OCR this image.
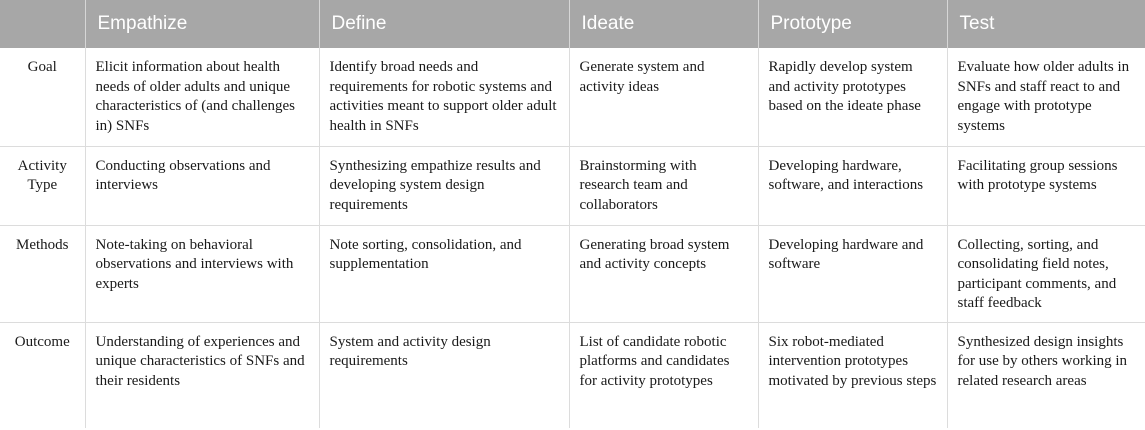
	Empathize	Define	Ideate	Prototype	Test
Goal	Elicit information about health needs of older adults and unique characteristics of (and challenges in) SNFs	Identify broad needs and requirements for robotic systems and activities meant to support older adult health in SNFs	Generate system and activity ideas	Rapidly develop system and activity prototypes based on the ideate phase	Evaluate how older adults in SNFs and staff react to and engage with prototype systems
Activity Type	Conducting observations and interviews	Synthesizing empathize results and developing system design requirements	Brainstorming with research team and collaborators	Developing hardware, software, and interactions	Facilitating group sessions with prototype systems
Methods	Note-taking on behavioral observations and interviews with experts	Note sorting, consolidation, and supplementation	Generating broad system and activity concepts	Developing hardware and software	Collecting, sorting, and consolidating field notes, participant comments, and staff feedback
Outcome	Understanding of experiences and unique characteristics of SNFs and their residents	System and activity design requirements	List of candidate robotic platforms and candidates for activity prototypes	Six robot-mediated intervention prototypes motivated by previous steps	Synthesized design insights for use by others working in related research areas
